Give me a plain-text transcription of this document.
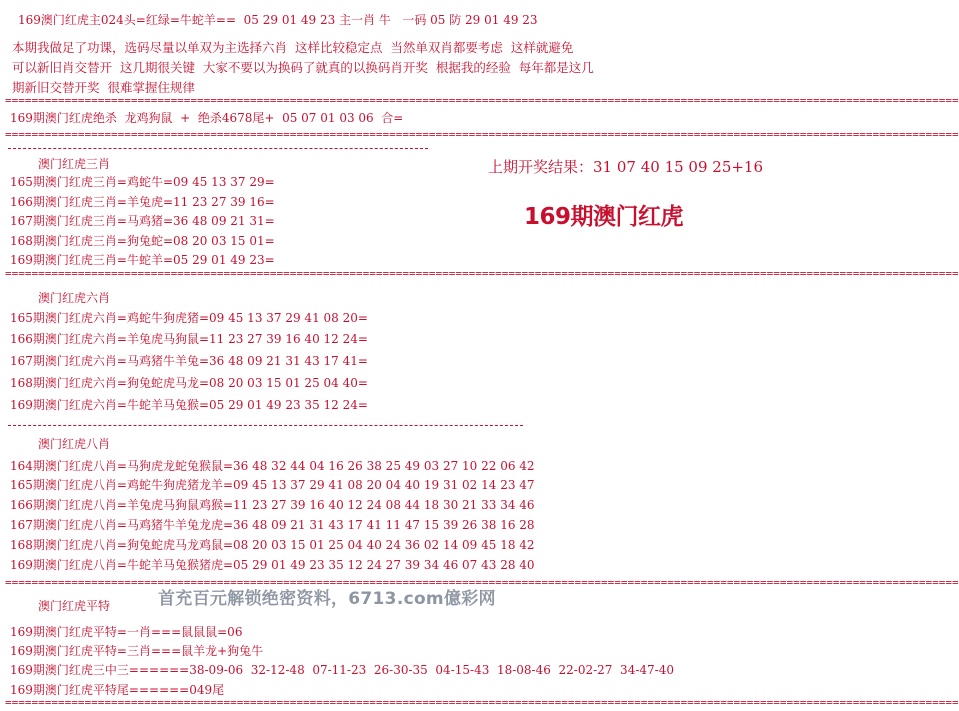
169澳门红虎主024头=红绿=牛蛇羊==  05 29 01 49 23 主一肖 牛   一码 05 防 29 01 49 23
本期我做足了功课，选码尽量以单双为主选择六肖  这样比较稳定点  当然单双肖都要考虑  这样就避免
可以新旧肖交替开  这几期很关键  大家不要以为换码了就真的以换码肖开奖  根据我的经验  每年都是这几
期新旧交替开奖  很难掌握住规律
================================================================================================================================================
169期澳门红虎绝杀  龙鸡狗鼠  +  绝杀4678尾+  05 07 01 03 06  合=
================================================================================================================================================
上期开奖结果：31 07 40 15 09 25+16
169期澳门红虎
澳门红虎三肖
165期澳门红虎三肖=鸡蛇牛=09 45 13 37 29=
166期澳门红虎三肖=羊兔虎=11 23 27 39 16=
167期澳门红虎三肖=马鸡猪=36 48 09 21 31=
168期澳门红虎三肖=狗兔蛇=08 20 03 15 01=
169期澳门红虎三肖=牛蛇羊=05 29 01 49 23=
================================================================================================================================================
澳门红虎六肖
165期澳门红虎六肖=鸡蛇牛狗虎猪=09 45 13 37 29 41 08 20=
166期澳门红虎六肖=羊兔虎马狗鼠=11 23 27 39 16 40 12 24=
167期澳门红虎六肖=马鸡猪牛羊兔=36 48 09 21 31 43 17 41=
168期澳门红虎六肖=狗兔蛇虎马龙=08 20 03 15 01 25 04 40=
169期澳门红虎六肖=牛蛇羊马兔猴=05 29 01 49 23 35 12 24=
澳门红虎八肖
164期澳门红虎八肖=马狗虎龙蛇兔猴鼠=36 48 32 44 04 16 26 38 25 49 03 27 10 22 06 42
165期澳门红虎八肖=鸡蛇牛狗虎猪龙羊=09 45 13 37 29 41 08 20 04 40 19 31 02 14 23 47
166期澳门红虎八肖=羊兔虎马狗鼠鸡猴=11 23 27 39 16 40 12 24 08 44 18 30 21 33 34 46
167期澳门红虎八肖=马鸡猪牛羊兔龙虎=36 48 09 21 31 43 17 41 11 47 15 39 26 38 16 28
168期澳门红虎八肖=狗兔蛇虎马龙鸡鼠=08 20 03 15 01 25 04 40 24 36 02 14 09 45 18 42
169期澳门红虎八肖=牛蛇羊马兔猴猪虎=05 29 01 49 23 35 12 24 27 39 34 46 07 43 28 40
================================================================================================================================================
首充百元解锁绝密资料，6713.com億彩网
澳门红虎平特
169期澳门红虎平特=一肖===鼠鼠鼠=06
169期澳门红虎平特=三肖===鼠羊龙+狗兔牛
169期澳门红虎三中三======38-09-06  32-12-48  07-11-23  26-30-35  04-15-43  18-08-46  22-02-27  34-47-40
169期澳门红虎平特尾======049尾
================================================================================================================================================
